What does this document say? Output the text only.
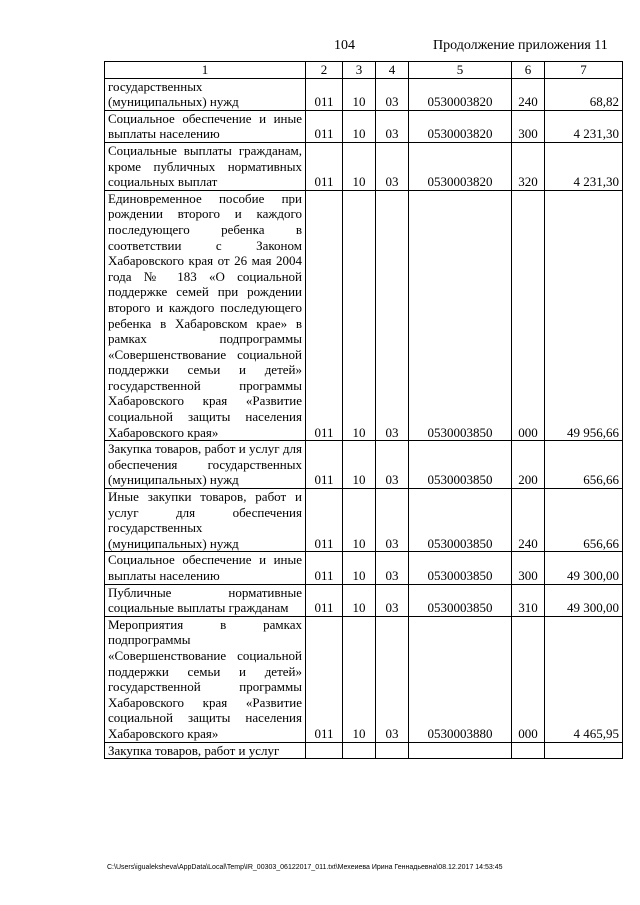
104	Продолжение приложения 11
1	2	3	4	5	6	7
государственных (муниципальных) нужд	011	10	03	0530003820	240	68,82
Социальное обеспечение и иные выплаты населению	011	10	03	0530003820	300	4 231,30
Социальные выплаты гражданам, кроме публичных нормативных социальных выплат	011	10	03	0530003820	320	4 231,30
Единовременное пособие при рождении второго и каждого последующего ребенка в соответствии с Законом Хабаровского края от 26 мая 2004 года № 183 «О социальной поддержке семей при рождении второго и каждого последующего ребенка в Хабаровском крае» в рамках подпрограммы «Совершенствование социальной поддержки семьи и детей» государственной программы Хабаровского края «Развитие социальной защиты населения Хабаровского края»	011	10	03	0530003850	000	49 956,66
Закупка товаров, работ и услуг для обеспечения государственных (муниципальных) нужд	011	10	03	0530003850	200	656,66
Иные закупки товаров, работ и услуг для обеспечения государственных (муниципальных) нужд	011	10	03	0530003850	240	656,66
Социальное обеспечение и иные выплаты населению	011	10	03	0530003850	300	49 300,00
Публичные нормативные социальные выплаты гражданам	011	10	03	0530003850	310	49 300,00
Мероприятия в рамках подпрограммы «Совершенствование социальной поддержки семьи и детей» государственной программы Хабаровского края «Развитие социальной защиты населения Хабаровского края»	011	10	03	0530003880	000	4 465,95
Закупка товаров, работ и услуг						
C:\Users\igualeksheva\AppData\Local\Temp\IR_00303_06122017_011.txt\Мехеиева Ирина Геннадьевна\08.12.2017 14:53:45
